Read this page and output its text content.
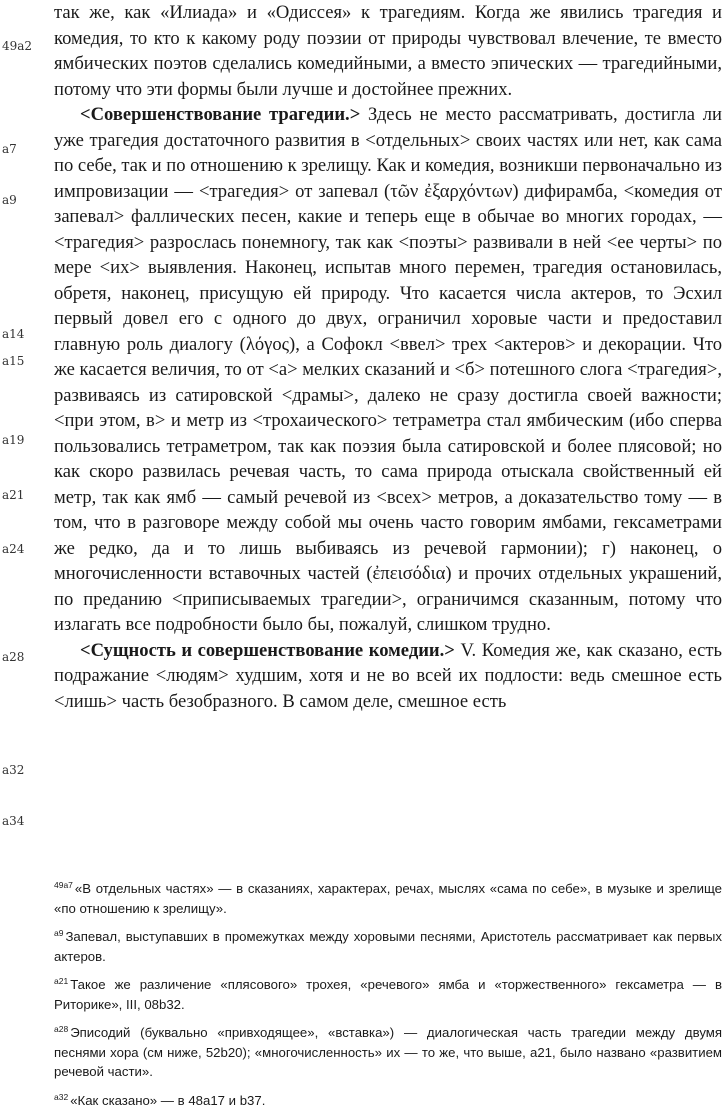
49a2
a7
a9
a14
a15
a19
a21
a24
a28
a32
a34

так же, как «Илиада» и «Одиссея» к трагедиям. Когда же явились трагедия и комедия, то кто к какому роду поэзии от природы чувствовал влечение, те вместо ямбических поэтов сделались комедийными, а вместо эпических — трагедийными, потому что эти формы были лучше и достойнее прежних.

<Совершенствование трагедии.> Здесь не место рассматривать, достигла ли уже трагедия достаточного развития в <отдельных> своих частях или нет, как сама по себе, так и по отношению к зрелищу. Как и комедия, возникши первоначально из импровизации — <трагедия> от запевал (τῶν ἐξαρχόντων) дифирамба, <комедия от запевал> фаллических песен, какие и теперь еще в обычае во многих городах, — <трагедия> разрослась понемногу, так как <поэты> развивали в ней <ее черты> по мере <их> выявления. Наконец, испытав много перемен, трагедия остановилась, обретя, наконец, присущую ей природу. Что касается числа актеров, то Эсхил первый довел его с одного до двух, ограничил хоровые части и предоставил главную роль диалогу (λόγος), а Софокл <ввел> трех <актеров> и декорации. Что же касается величия, то от <а> мелких сказаний и <б> потешного слога <трагедия>, развиваясь из сатировской <драмы>, далеко не сразу достигла своей важности; <при этом, в> и метр из <трохаического> тетраметра стал ямбическим (ибо сперва пользовались тетраметром, так как поэзия была сатировской и более плясовой; но как скоро развилась речевая часть, то сама природа отыскала свойственный ей метр, так как ямб — самый речевой из <всех> метров, а доказательство тому — в том, что в разговоре между собой мы очень часто говорим ямбами, гексаметрами же редко, да и то лишь выбиваясь из речевой гармонии); г) наконец, о многочисленности вставочных частей (ἐπεισόδια) и прочих отдельных украшений, по преданию <приписываемых трагедии>, ограничимся сказанным, потому что излагать все подробности было бы, пожалуй, слишком трудно.

<Сущность и совершенствование комедии.> V. Комедия же, как сказано, есть подражание <людям> худшим, хотя и не во всей их подлости: ведь смешное есть <лишь> часть безобразного. В самом деле, смешное есть

$^{49a7}$ «В отдельных частях» — в сказаниях, характерах, речах, мыслях «сама по себе», в музыке и зрелище «по отношению к зрелищу».

$^{a9}$ Запевал, выступавших в промежутках между хоровыми песнями, Аристотель рассматривает как первых актеров.

$^{a21}$ Такое же различение «плясового» трохея, «речевого» ямба и «торжественного» гексаметра — в Риторике», III, 08b32.

$^{a28}$ Эписодий (буквально «привходящее», «вставка») — диалогическая часть трагедии между двумя песнями хора (см ниже, 52b20); «многочисленность» их — то же, что выше, a21, было названо «развитием речевой части».

$^{a32}$ «Как сказано» — в 48a17 и b37.
